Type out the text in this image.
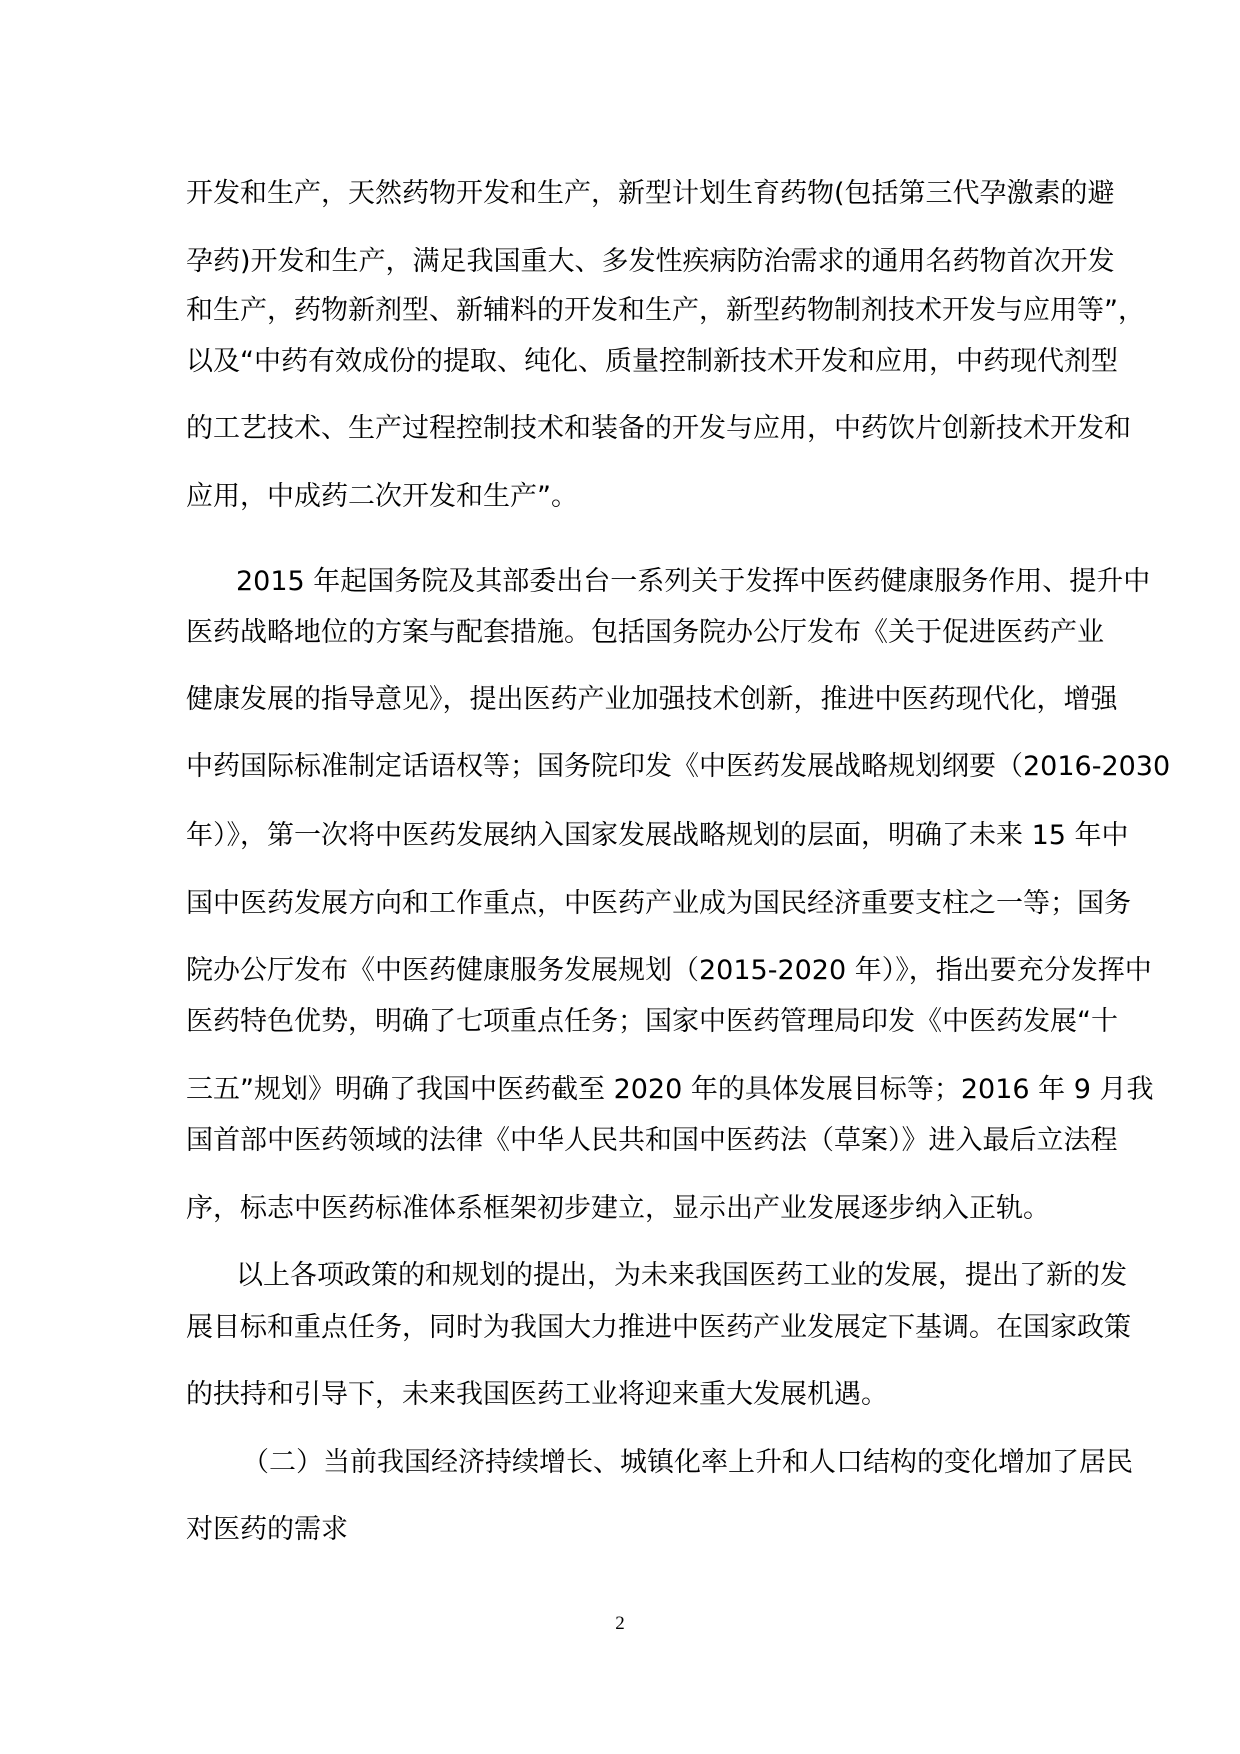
开发和生产，天然药物开发和生产，新型计划生育药物(包括第三代孕激素的避
孕药)开发和生产，满足我国重大、多发性疾病防治需求的通用名药物首次开发
和生产，药物新剂型、新辅料的开发和生产，新型药物制剂技术开发与应用等”，
以及“中药有效成份的提取、纯化、质量控制新技术开发和应用，中药现代剂型
的工艺技术、生产过程控制技术和装备的开发与应用，中药饮片创新技术开发和
应用，中成药二次开发和生产”。
2015 年起国务院及其部委出台一系列关于发挥中医药健康服务作用、提升中
医药战略地位的方案与配套措施。包括国务院办公厅发布《关于促进医药产业
健康发展的指导意见》，提出医药产业加强技术创新，推进中医药现代化，增强
中药国际标准制定话语权等；国务院印发《中医药发展战略规划纲要（2016-2030
年）》，第一次将中医药发展纳入国家发展战略规划的层面，明确了未来 15 年中
国中医药发展方向和工作重点，中医药产业成为国民经济重要支柱之一等；国务
院办公厅发布《中医药健康服务发展规划（2015-2020 年）》，指出要充分发挥中
医药特色优势，明确了七项重点任务；国家中医药管理局印发《中医药发展“十
三五”规划》明确了我国中医药截至 2020 年的具体发展目标等；2016 年 9 月我
国首部中医药领域的法律《中华人民共和国中医药法（草案）》进入最后立法程
序，标志中医药标准体系框架初步建立，显示出产业发展逐步纳入正轨。
以上各项政策的和规划的提出，为未来我国医药工业的发展，提出了新的发
展目标和重点任务，同时为我国大力推进中医药产业发展定下基调。在国家政策
的扶持和引导下，未来我国医药工业将迎来重大发展机遇。
（二）当前我国经济持续增长、城镇化率上升和人口结构的变化增加了居民
对医药的需求
2
